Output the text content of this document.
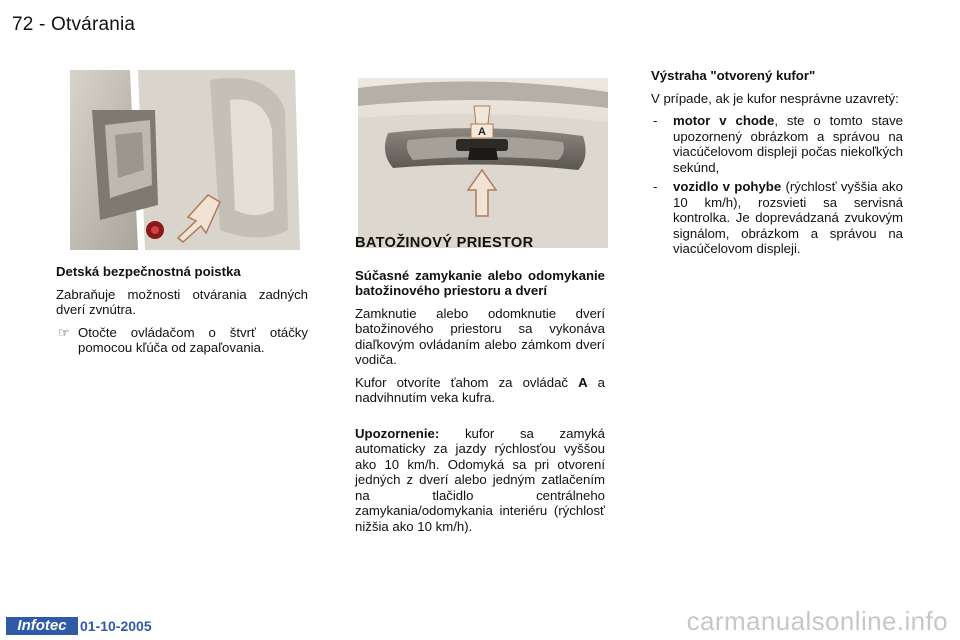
72 - Otvárania

Detská bezpečnostná poistka

Zabraňuje možnosti otvárania zadných dverí zvnútra.

☞ Otočte ovládačom o štvrť otáčky pomocou kľúča od zapaľovania.
A

BATOŽINOVÝ PRIESTOR

Súčasné zamykanie alebo odomykanie batožinového priestoru a dverí

Zamknutie alebo odomknutie dverí batožinového priestoru sa vykonáva diaľkovým ovládaním alebo zámkom dverí vodiča.

Kufor otvoríte ťahom za ovládač A a nadvihnutím veka kufra.

Upozornenie: kufor sa zamyká automaticky za jazdy rýchlosťou vyššou ako 10 km/h. Odomyká sa pri otvorení jedných z dverí alebo jedným zatlačením na tlačidlo centrálneho zamykania/odomykania interiéru (rýchlosť nižšia ako 10 km/h).

Výstraha "otvorený kufor"

V prípade, ak je kufor nesprávne uzavretý:

- motor v chode, ste o tomto stave upozornený obrázkom a správou na viacúčelovom displeji počas niekoľkých sekúnd,
- vozidlo v pohybe (rýchlosť vyššia ako 10 km/h), rozsvieti sa servisná kontrolka. Je doprevádzaná zvukovým signálom, obrázkom a správou na viacúčelovom displeji.
Infotec 01-10-2005	carmanualsonline.info
